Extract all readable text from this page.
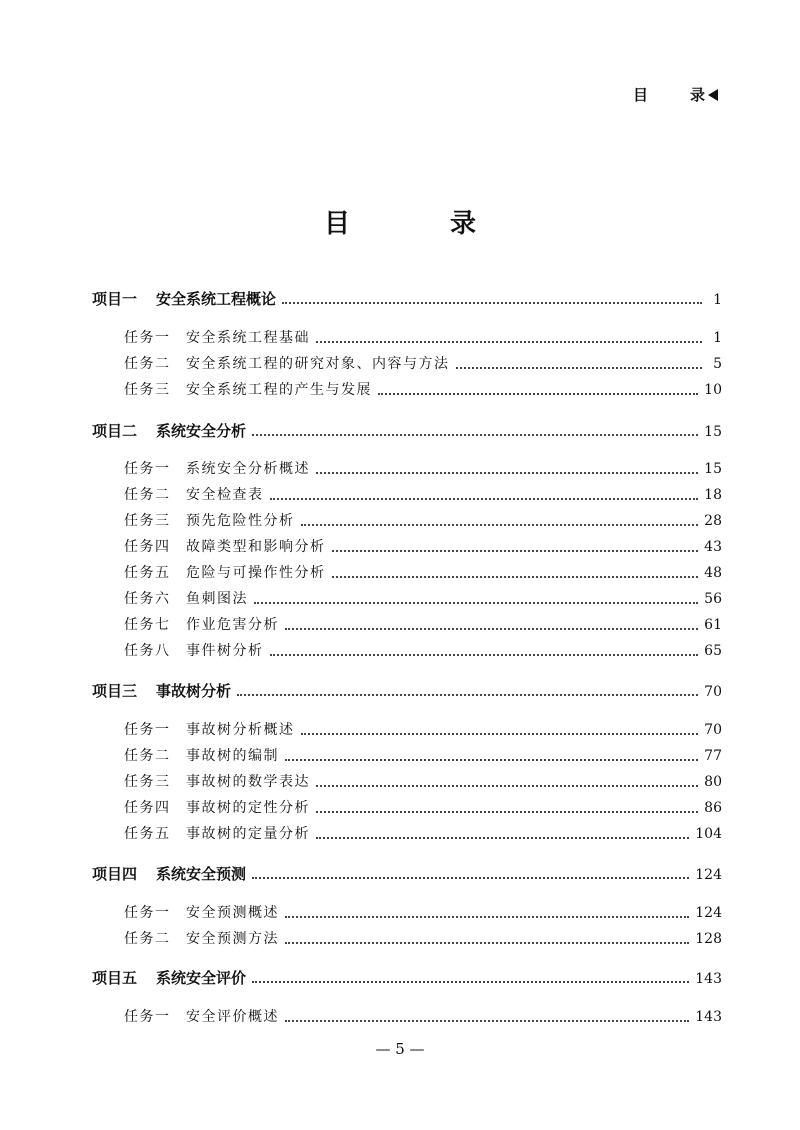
目	录
目	录
项目一	安全系统工程概论	1
任务一	安全系统工程基础	1
任务二	安全系统工程的研究对象、内容与方法	5
任务三	安全系统工程的产生与发展	10
项目二	系统安全分析	15
任务一	系统安全分析概述	15
任务二	安全检查表	18
任务三	预先危险性分析	28
任务四	故障类型和影响分析	43
任务五	危险与可操作性分析	48
任务六	鱼刺图法	56
任务七	作业危害分析	61
任务八	事件树分析	65
项目三	事故树分析	70
任务一	事故树分析概述	70
任务二	事故树的编制	77
任务三	事故树的数学表达	80
任务四	事故树的定性分析	86
任务五	事故树的定量分析	104
项目四	系统安全预测	124
任务一	安全预测概述	124
任务二	安全预测方法	128
项目五	系统安全评价	143
任务一	安全评价概述	143
— 5 —
